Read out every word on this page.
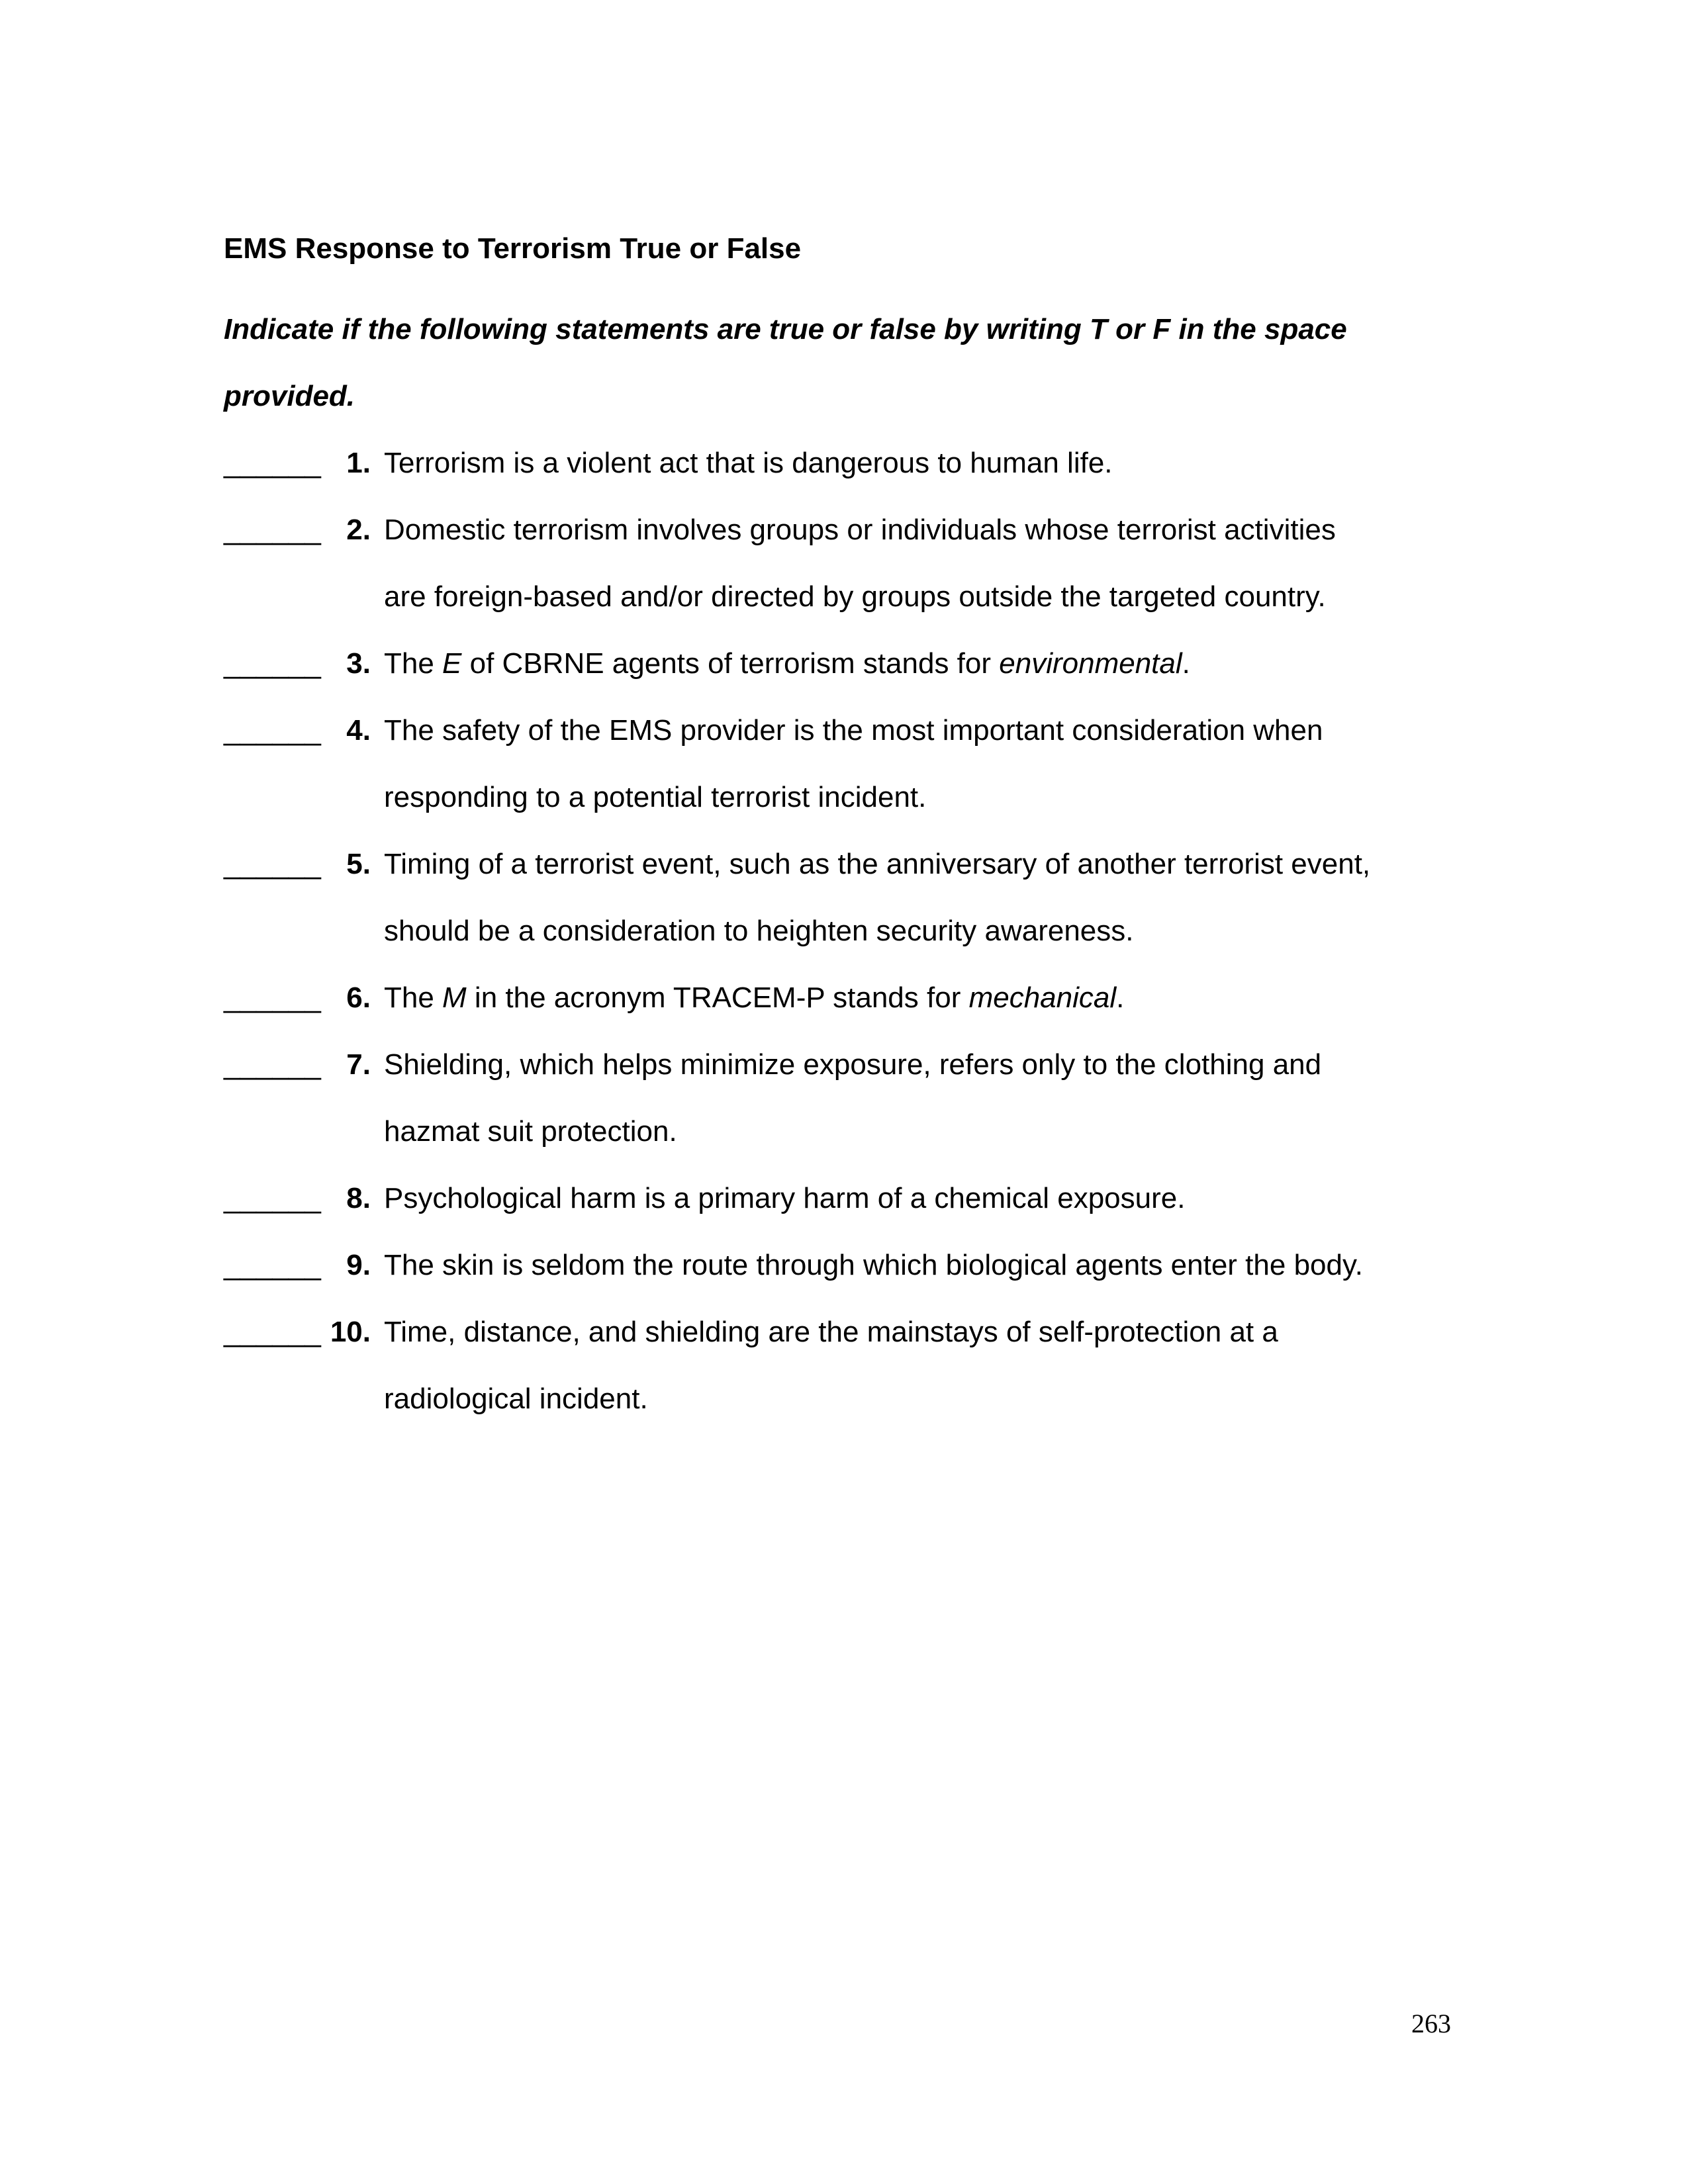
EMS Response to Terrorism True or False
Indicate if the following statements are true or false by writing T or F in the space
provided.
______ 1. Terrorism is a violent act that is dangerous to human life.
______ 2. Domestic terrorism involves groups or individuals whose terrorist activities
are foreign-based and/or directed by groups outside the targeted country.
______ 3. The E of CBRNE agents of terrorism stands for environmental.
______ 4. The safety of the EMS provider is the most important consideration when
responding to a potential terrorist incident.
______ 5. Timing of a terrorist event, such as the anniversary of another terrorist event,
should be a consideration to heighten security awareness.
______ 6. The M in the acronym TRACEM-P stands for mechanical.
______ 7. Shielding, which helps minimize exposure, refers only to the clothing and
hazmat suit protection.
______ 8. Psychological harm is a primary harm of a chemical exposure.
______ 9. The skin is seldom the route through which biological agents enter the body.
______ 10. Time, distance, and shielding are the mainstays of self-protection at a
radiological incident.
263
